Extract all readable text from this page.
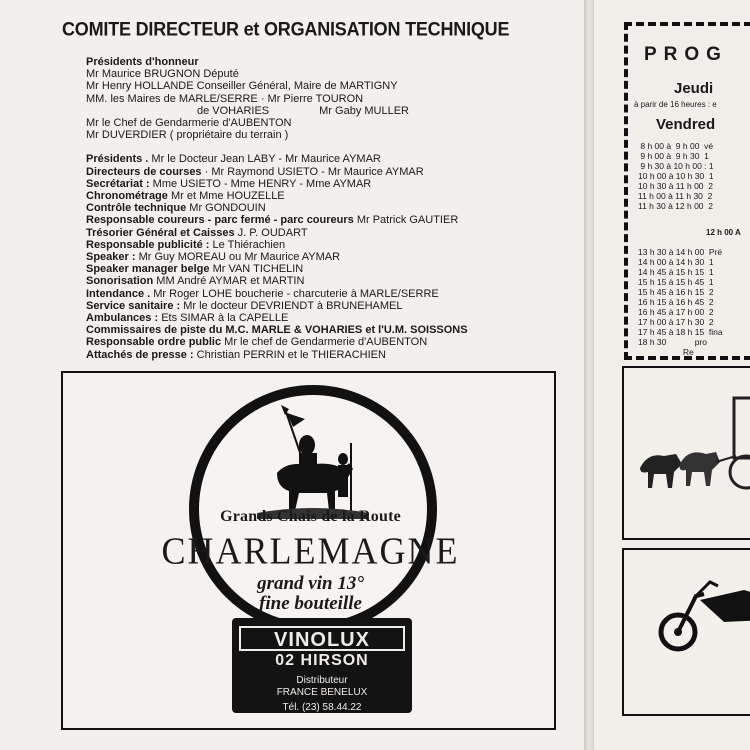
COMITE DIRECTEUR et ORGANISATION TECHNIQUE
Présidents d'honneur
Mr Maurice BRUGNON Député
Mr Henry HOLLANDE Conseiller Général, Maire de MARTIGNY
MM. les Maires de MARLE/SERRE · Mr Pierre TOURON
de VOHARIES	Mr Gaby MULLER
Mr le Chef de Gendarmerie d'AUBENTON
Mr DUVERDIER ( propriétaire du terrain )
Présidents . Mr le Docteur Jean LABY - Mr Maurice AYMAR
Directeurs de courses · Mr Raymond USIETO - Mr Maurice AYMAR
Secrétariat : Mme USIETO - Mme HENRY - Mme AYMAR
Chronométrage Mr et Mme HOUZELLE
Contrôle technique Mr GONDOUIN
Responsable coureurs - parc fermé - parc coureurs Mr Patrick GAUTIER
Trésorier Général et Caisses J. P. OUDART
Responsable publicité : Le Thiérachien
Speaker : Mr Guy MOREAU ou Mr Maurice AYMAR
Speaker manager belge Mr VAN TICHELIN
Sonorisation MM André AYMAR et MARTIN
Intendance . Mr Roger LOHE boucherie - charcuterie à MARLE/SERRE
Service sanitaire : Mr le docteur DEVRIENDT à BRUNEHAMEL
Ambulances : Ets SIMAR à la CAPELLE
Commissaires de piste du M.C. MARLE & VOHARIES et l'U.M. SOISSONS
Responsable ordre public Mr le chef de Gendarmerie d'AUBENTON
Attachés de presse : Christian PERRIN et le THIERACHIEN
Grands Chais de la Route
CHARLEMAGNE
grand vin 13°
fine bouteille
VINOLUX
02 HIRSON
Distributeur
FRANCE BENELUX
Tél. (23) 58.44.22
PROG
Jeudi
à parir de 16 heures : e
Vendred
8 h 00 à  9 h 00  vé
9 h 00 à  9 h 30  1
9 h 30 à 10 h 00 : 1
10 h 00 à 10 h 30  1
10 h 30 à 11 h 00  2
11 h 00 à 11 h 30  2
11 h 30 à 12 h 00  2
12 h 00 A
13 h 30 à 14 h 00  Pré
14 h 00 à 14 h 30  1
14 h 45 à 15 h 15  1
15 h 15 à 15 h 45  1
15 h 45 à 16 h 15  2
16 h 15 à 16 h 45  2
16 h 45 à 17 h 00  2
17 h 00 à 17 h 30  2
17 h 45 à 18 h 15  fina
18 h 30            pro
Re
